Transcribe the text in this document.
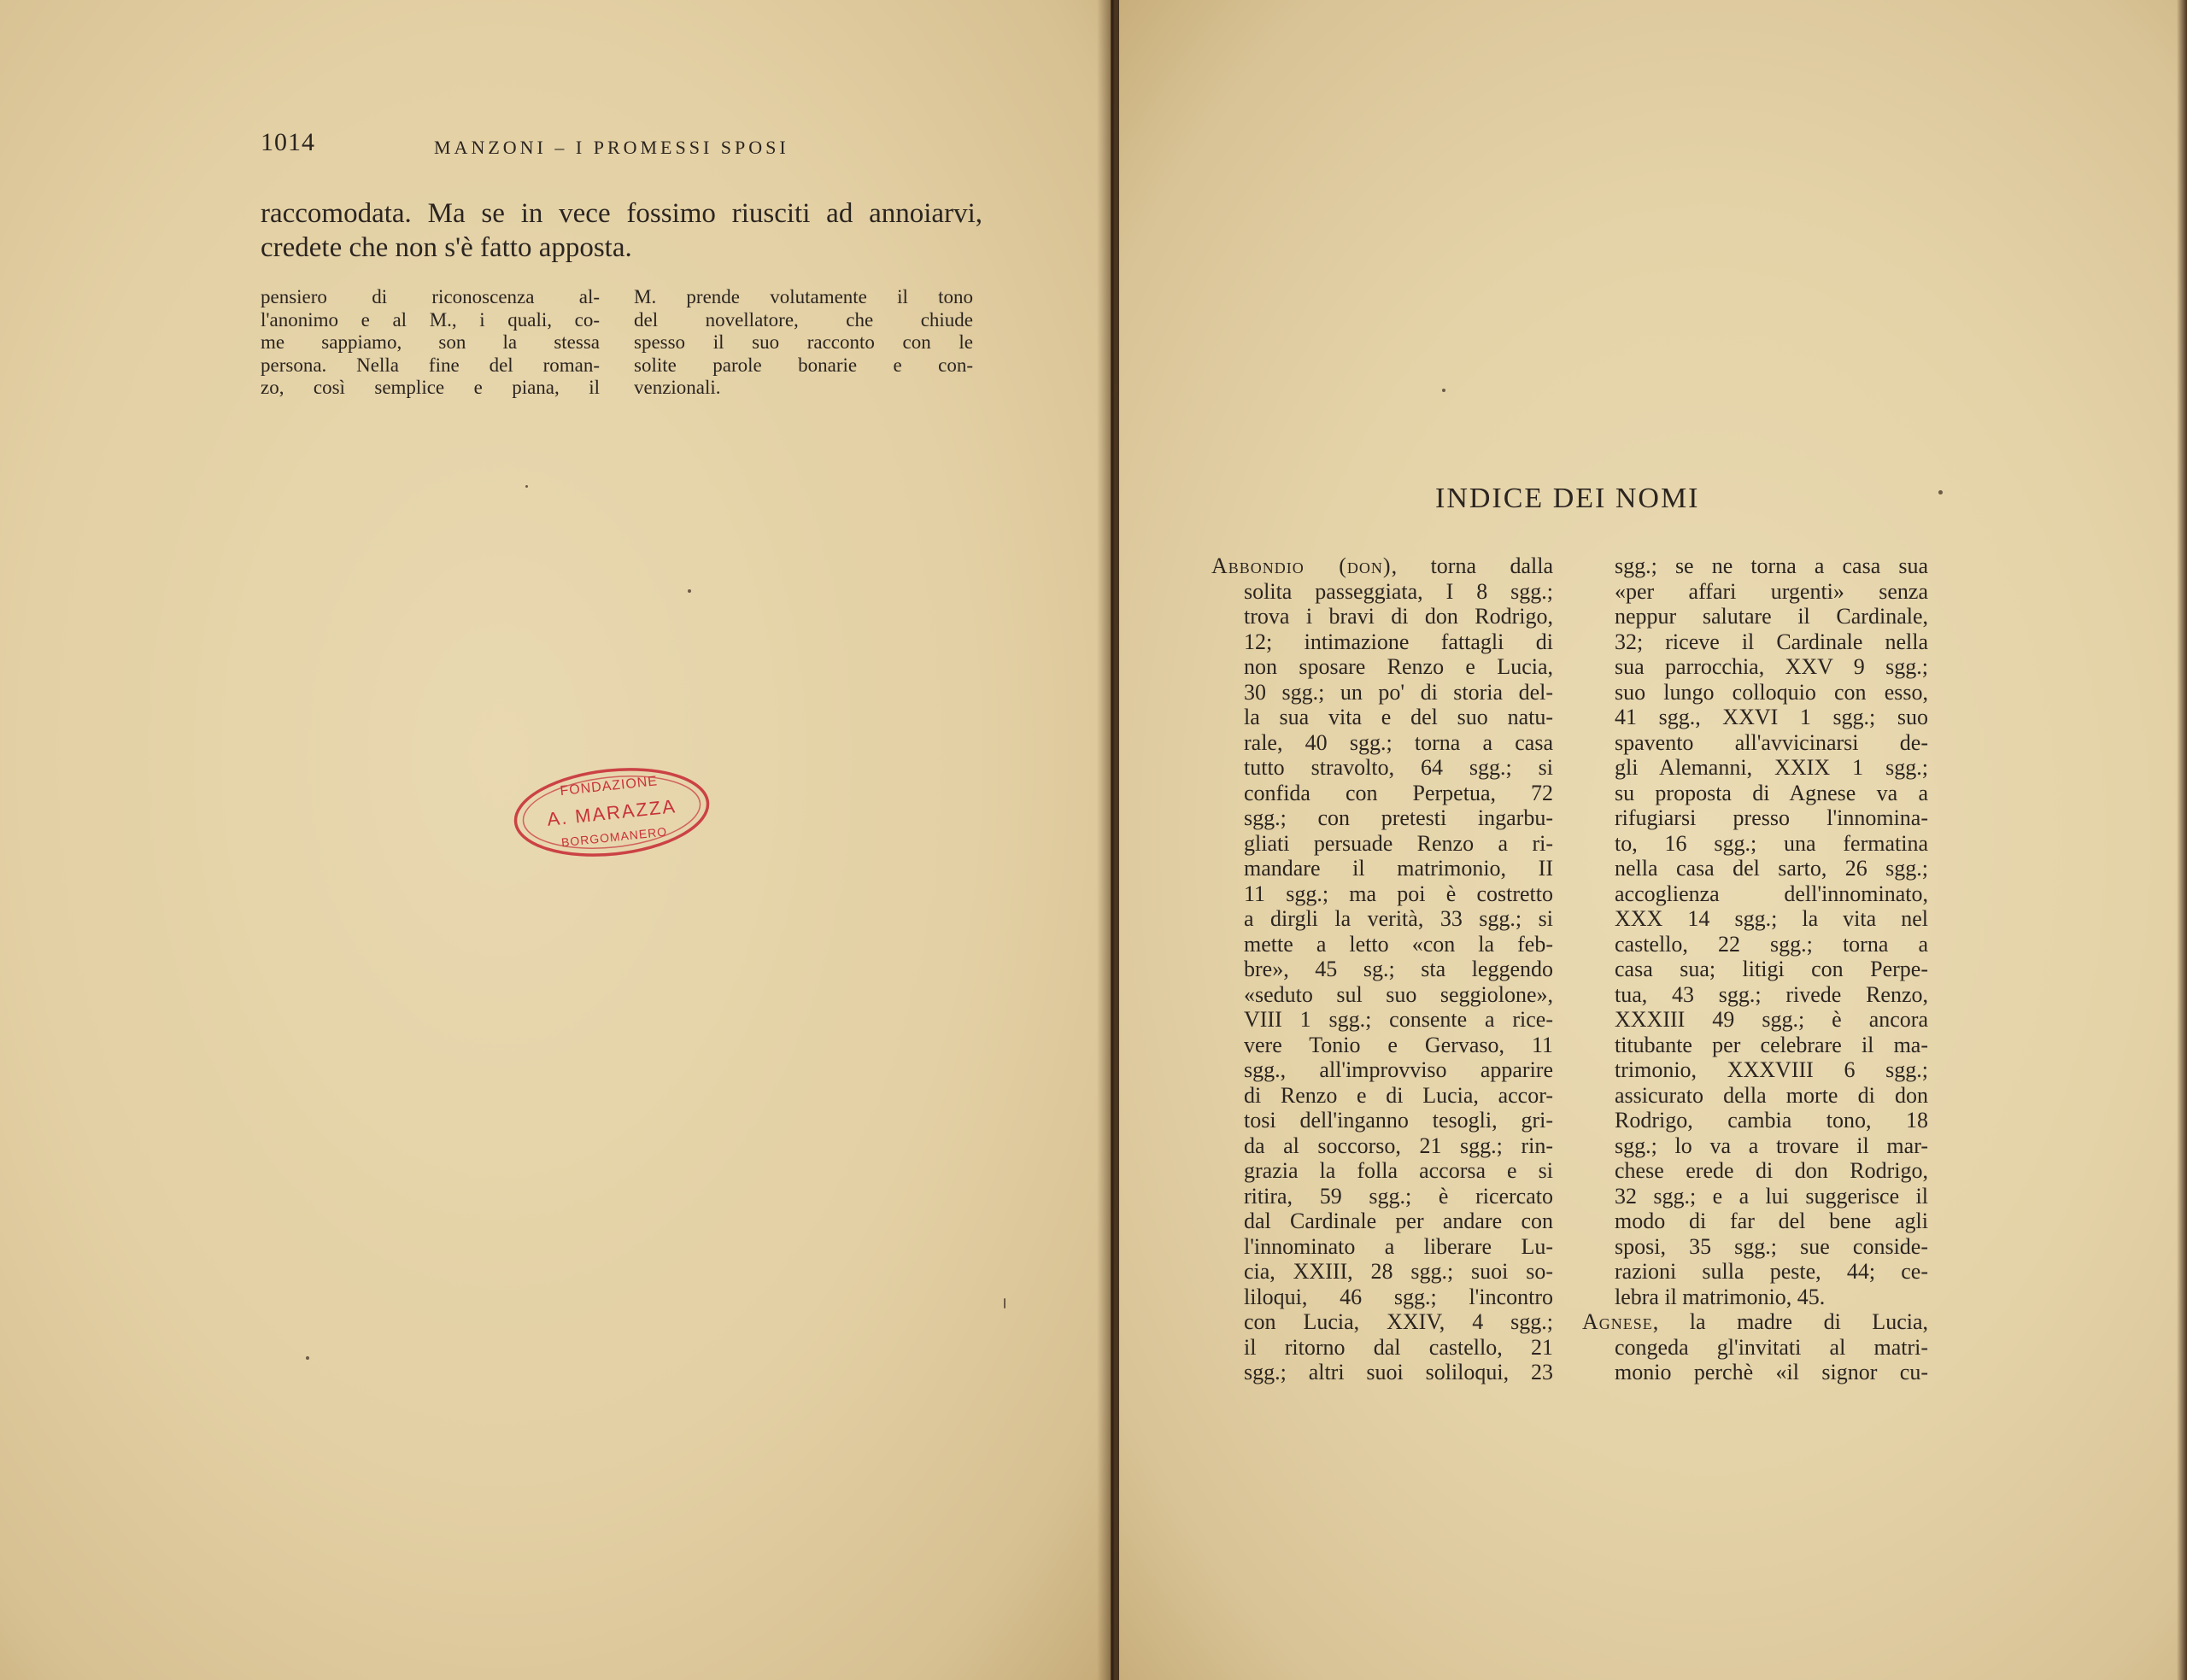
1014	MANZONI – I PROMESSI SPOSI
raccomodata. Ma se in vece fossimo riusciti ad annoiarvi, credete che non s'è fatto apposta.
pensiero di riconoscenza al-
l'anonimo e al M., i quali, co-
me sappiamo, son la stessa
persona. Nella fine del roman-
zo, così semplice e piana, il
M. prende volutamente il tono
del novellatore, che chiude
spesso il suo racconto con le
solite parole bonarie e con-
venzionali.
FONDAZIONE
A. MARAZZA
BORGOMANERO
INDICE DEI NOMI
Abbondio (don), torna dalla
solita passeggiata, I 8 sgg.;
trova i bravi di don Rodrigo,
12; intimazione fattagli di
non sposare Renzo e Lucia,
30 sgg.; un po' di storia del-
la sua vita e del suo natu-
rale, 40 sgg.; torna a casa
tutto stravolto, 64 sgg.; si
confida con Perpetua, 72
sgg.; con pretesti ingarbu-
gliati persuade Renzo a ri-
mandare il matrimonio, II
11 sgg.; ma poi è costretto
a dirgli la verità, 33 sgg.; si
mette a letto «con la feb-
bre», 45 sg.; sta leggendo
«seduto sul suo seggiolone»,
VIII 1 sgg.; consente a rice-
vere Tonio e Gervaso, 11
sgg., all'improvviso apparire
di Renzo e di Lucia, accor-
tosi dell'inganno tesogli, gri-
da al soccorso, 21 sgg.; rin-
grazia la folla accorsa e si
ritira, 59 sgg.; è ricercato
dal Cardinale per andare con
l'innominato a liberare Lu-
cia, XXIII, 28 sgg.; suoi so-
liloqui, 46 sgg.; l'incontro
con Lucia, XXIV, 4 sgg.;
il ritorno dal castello, 21
sgg.; altri suoi soliloqui, 23
sgg.; se ne torna a casa sua
«per affari urgenti» senza
neppur salutare il Cardinale,
32; riceve il Cardinale nella
sua parrocchia, XXV 9 sgg.;
suo lungo colloquio con esso,
41 sgg., XXVI 1 sgg.; suo
spavento all'avvicinarsi de-
gli Alemanni, XXIX 1 sgg.;
su proposta di Agnese va a
rifugiarsi presso l'innomina-
to, 16 sgg.; una fermatina
nella casa del sarto, 26 sgg.;
accoglienza dell'innominato,
XXX 14 sgg.; la vita nel
castello, 22 sgg.; torna a
casa sua; litigi con Perpe-
tua, 43 sgg.; rivede Renzo,
XXXIII 49 sgg.; è ancora
titubante per celebrare il ma-
trimonio, XXXVIII 6 sgg.;
assicurato della morte di don
Rodrigo, cambia tono, 18
sgg.; lo va a trovare il mar-
chese erede di don Rodrigo,
32 sgg.; e a lui suggerisce il
modo di far del bene agli
sposi, 35 sgg.; sue conside-
razioni sulla peste, 44; ce-
lebra il matrimonio, 45.
Agnese, la madre di Lucia,
congeda gl'invitati al matri-
monio perchè «il signor cu-
